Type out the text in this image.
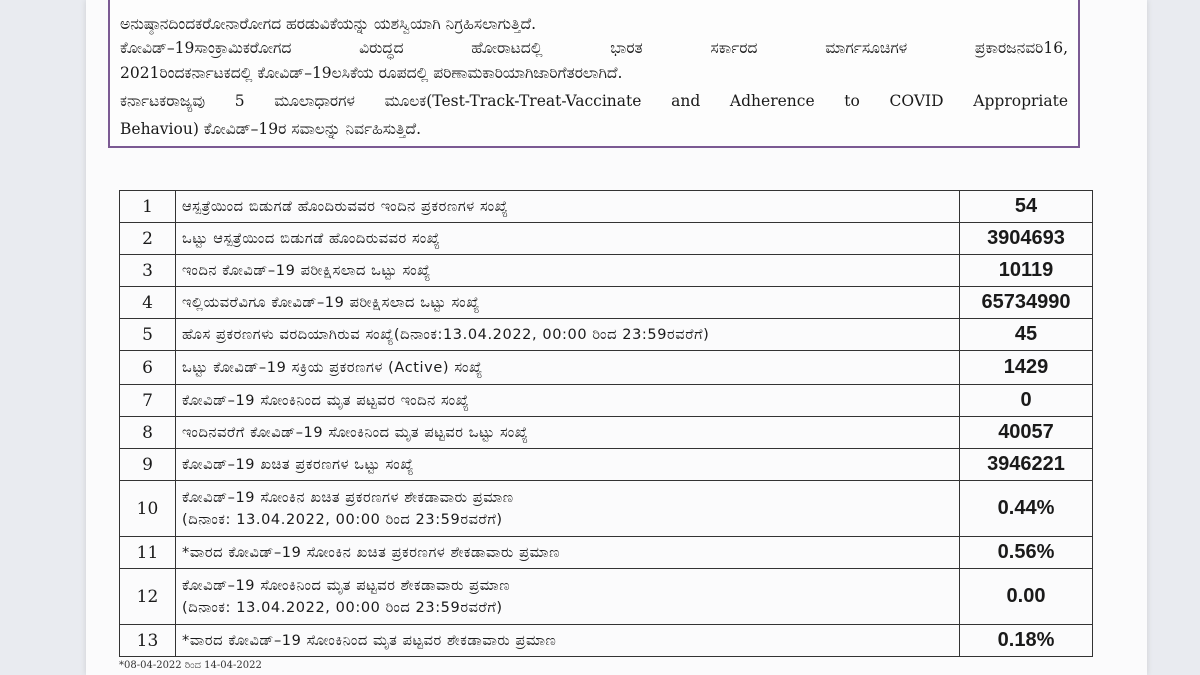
ಅನುಷ್ಠಾನದಿಂದಕರೋನಾರೋಗದ ಹರಡುವಿಕೆಯನ್ನು ಯಶಸ್ವಿಯಾಗಿ ನಿಗ್ರಹಿಸಲಾಗುತ್ತಿದೆ.
ಕೋವಿಡ್–19ಸಾಂಕ್ರಾಮಿಕರೋಗದ ವಿರುದ್ಧದ ಹೋರಾಟದಲ್ಲಿ ಭಾರತ ಸರ್ಕಾರದ ಮಾರ್ಗಸೂಚಿಗಳ ಪ್ರಕಾರಜನವರಿ16,
2021ರಿಂದಕರ್ನಾಟಕದಲ್ಲಿ ಕೋವಿಡ್–19ಲಸಿಕೆಯ ರೂಪದಲ್ಲಿ ಪರಿಣಾಮಕಾರಿಯಾಗಿಜಾರಿಗೆತರಲಾಗಿದೆ.
ಕರ್ನಾಟಕರಾಜ್ಯವು 5 ಮೂಲಾಧಾರಗಳ ಮೂಲಕ(Test-Track-Treat-Vaccinate and Adherence to COVID Appropriate
Behaviou) ಕೋವಿಡ್–19ರ ಸವಾಲನ್ನು ನಿರ್ವಹಿಸುತ್ತಿದೆ.
1	ಆಸ್ಪತ್ರೆಯಿಂದ ಬಿಡುಗಡೆ ಹೊಂದಿರುವವರ ಇಂದಿನ ಪ್ರಕರಣಗಳ ಸಂಖ್ಯೆ	54
2	ಒಟ್ಟು ಆಸ್ಪತ್ರೆಯಿಂದ ಬಿಡುಗಡೆ ಹೊಂದಿರುವವರ ಸಂಖ್ಯೆ	3904693
3	ಇಂದಿನ ಕೋವಿಡ್–19 ಪರೀಕ್ಷಿಸಲಾದ ಒಟ್ಟು ಸಂಖ್ಯೆ	10119
4	ಇಲ್ಲಿಯವರೆವಿಗೂ ಕೋವಿಡ್–19 ಪರೀಕ್ಷಿಸಲಾದ ಒಟ್ಟು ಸಂಖ್ಯೆ	65734990
5	ಹೊಸ ಪ್ರಕರಣಗಳು ವರದಿಯಾಗಿರುವ ಸಂಖ್ಯೆ(ದಿನಾಂಕ:13.04.2022, 00:00 ರಿಂದ 23:59ರವರೆಗೆ)	45
6	ಒಟ್ಟು ಕೋವಿಡ್–19 ಸಕ್ರಿಯ ಪ್ರಕರಣಗಳ (Active) ಸಂಖ್ಯೆ	1429
7	ಕೋವಿಡ್–19 ಸೋಂಕಿನಿಂದ ಮೃತ ಪಟ್ಟವರ ಇಂದಿನ ಸಂಖ್ಯೆ	0
8	ಇಂದಿನವರೆಗೆ ಕೋವಿಡ್–19 ಸೋಂಕಿನಿಂದ ಮೃತ ಪಟ್ಟವರ ಒಟ್ಟು ಸಂಖ್ಯೆ	40057
9	ಕೋವಿಡ್–19 ಖಚಿತ ಪ್ರಕರಣಗಳ ಒಟ್ಟು ಸಂಖ್ಯೆ	3946221
10	ಕೋವಿಡ್–19 ಸೋಂಕಿನ ಖಚಿತ ಪ್ರಕರಣಗಳ ಶೇಕಡಾವಾರು ಪ್ರಮಾಣ
(ದಿನಾಂಕ: 13.04.2022, 00:00 ರಿಂದ 23:59ರವರೆಗೆ)	0.44%
11	*ವಾರದ ಕೋವಿಡ್–19 ಸೋಂಕಿನ ಖಚಿತ ಪ್ರಕರಣಗಳ ಶೇಕಡಾವಾರು ಪ್ರಮಾಣ	0.56%
12	ಕೋವಿಡ್–19 ಸೋಂಕಿನಿಂದ ಮೃತ ಪಟ್ಟವರ ಶೇಕಡಾವಾರು ಪ್ರಮಾಣ
(ದಿನಾಂಕ: 13.04.2022, 00:00 ರಿಂದ 23:59ರವರೆಗೆ)	0.00
13	*ವಾರದ ಕೋವಿಡ್–19 ಸೋಂಕಿನಿಂದ ಮೃತ ಪಟ್ಟವರ ಶೇಕಡಾವಾರು ಪ್ರಮಾಣ	0.18%
*08-04-2022 ರಿಂದ 14-04-2022
